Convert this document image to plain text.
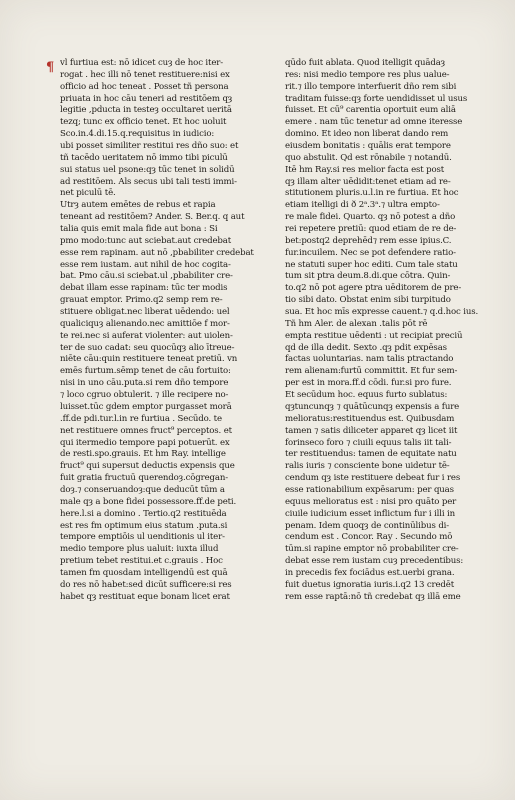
¶ vl furtiua est: nō idicet cuȝ de hoc iter-
rogat . hec illi nō tenet restituere:nisi ex
officio ad hoc teneat . Posset tñ persona
priuata in hoc cāu teneri ad restitōem qȝ
legitie ,pducta in testeȝ occultaret ueritā
tezq; tunc ex officio tenet. Et hoc uoluit
Sco.in.4.di.15.q.requisitus in iudicio:
ubi posset similiter restitui res dño suo: et
tñ tacēdo ueritatem nō immo tibi piculū
sui status uel psone:qȝ tūc tenet in solidū
ad restitōem. Als secus ubi tali testi immi-
net piculū tē.
Utrȝ autem emētes de rebus et rapia
teneant ad restitōem? Ander. S. Ber.q. q aut
talia quis emit mala fide aut bona : Si
pmo modo:tunc aut sciebat.aut credebat
esse rem rapinam. aut nō ,pbabiliter credebat
esse rem iustam. aut nihil de hoc cogita-
bat. Pmo cāu.si sciebat.ul ,pbabiliter cre-
debat illam esse rapinam: tūc ter modis
grauat emptor. Primo.q2 semp rem re-
stituere obligat.nec liberat uēdendo: uel
qualiciquȝ alienando.nec amittiōe f mor-
te rei.nec si auferat violenter: aut uiolen-
ter de suo cadat: seu quocūqȝ alio ītreue-
niēte cāu:quin restituere teneat pretiū. vn
emēs furtum.sēmp tenet de cāu fortuito:
nisi in uno cāu.puta.si rem dño tempore
⁊ loco cgruo obtulerit. ⁊ ille recipere no-
luisset.tūc gdem emptor purgasset morā
.ff.de pdi.tur.l.in re furtiua . Secūdo. te
net restituere omnes fruct⁹ perceptos. et
qui itermedio tempore papi potuerūt. ex
de resti.spo.grauis. Et hm Ray. intellige
fruct⁹ qui supersut deductis expensis que
fuit gratia fructuū querendoȝ.cōgregan-
doȝ.⁊ conseruandoȝ:que deducūt tūm a
male qȝ a bone fidei possessore.ff.de peti.
here.l.si a domino . Tertio.q2 restituēda
est res fm optimum eius statum .puta.si
tempore emptiōis ul uenditionis ul iter-
medio tempore plus ualuit: iuxta illud
pretium tebet restitui.et c.grauis . Hoc
tamen fm quosdam intelligendū est quā
do res nō habet:sed dicūt sufficere:si res
habet qȝ restituat eque bonam licet erat
qūdo fuit ablata. Quod itelligit quādaȝ
res: nisi medio tempore res plus ualue-
rit.⁊ illo tempore interfuerit dño rem sibi
traditam fuisse:qȝ forte uendidisset ul usus
fuisset. Et cū⁹ carentia oportuit eum aliā
emere . nam tūc tenetur ad omne iteresse
domino. Et ideo non liberat dando rem
eiusdem bonitatis : quālis erat tempore
quo abstulit. Qd est rōnabile ⁊ notandū.
Itē hm Ray.si res melior facta est post
qȝ illam alter uēdidit:tenet etiam ad re-
stitutionem pluris.u.l.in re furtiua. Et hoc
etiam itelligi di ð 2ᵃ.3ᵃ.⁊ ultra empto-
re male fidei. Quarto. qȝ nō potest a dño
rei repetere pretiū: quod etiam de re de-
bet:postq2 deprehēd⁊ rem esse ipius.C.
fur.incuilem. Nec se pot defendere ratio-
ne statuti super hoc editi. Cum tale statu
tum sit ptra deum.8.di.que cōtra. Quin-
to.q2 nō pot agere ptra uēditorem de pre-
tio sibi dato. Obstat enim sibi turpitudo
sua. Et hoc mīs expresse cauent.⁊ q.d.hoc ius.
Tñ hm Aler. de alexan .talis pōt rē
empta restitue uēdenti : ut recipiat preciū
qd de illa dedit. Sexto .qȝ pdit expēsas
factas uoluntarias. nam talis ptractando
rem alienam:furtū committit. Et fur sem-
per est in mora.ff.d cōdi. fur.si pro fure.
Et secūdum hoc. equus furto sublatus:
qȝtuncunqȝ ⁊ quātūcunqȝ expensis a fure
melioratus:restituendus est. Quibusdam
tamen ⁊ satis diliceter apparet qȝ licet iit
forinseco foro ⁊ ciuili equus talis iit tali-
ter restituendus: tamen de equitate natu
ralis iuris ⁊ consciente bone uidetur tē-
cendum qȝ iste restituere debeat fur i res
esse rationabilium expēsarum: per quas
equus melioratus est : nisi pro quāto per
ciuile iudicium esset inflictum fur i illi in
penam. Idem quoqȝ de continūlibus di-
cendum est . Concor. Ray . Secundo mō
tūm.si rapine emptor nō probabiliter cre-
debat esse rem iustam cuȝ precedentibus:
in precedis fex fociādus est.uerbi grana.
fuit duetus ignoratia iuris.i.q2 13 credēt
rem esse raptā:nō tñ credebat qȝ illā eme
